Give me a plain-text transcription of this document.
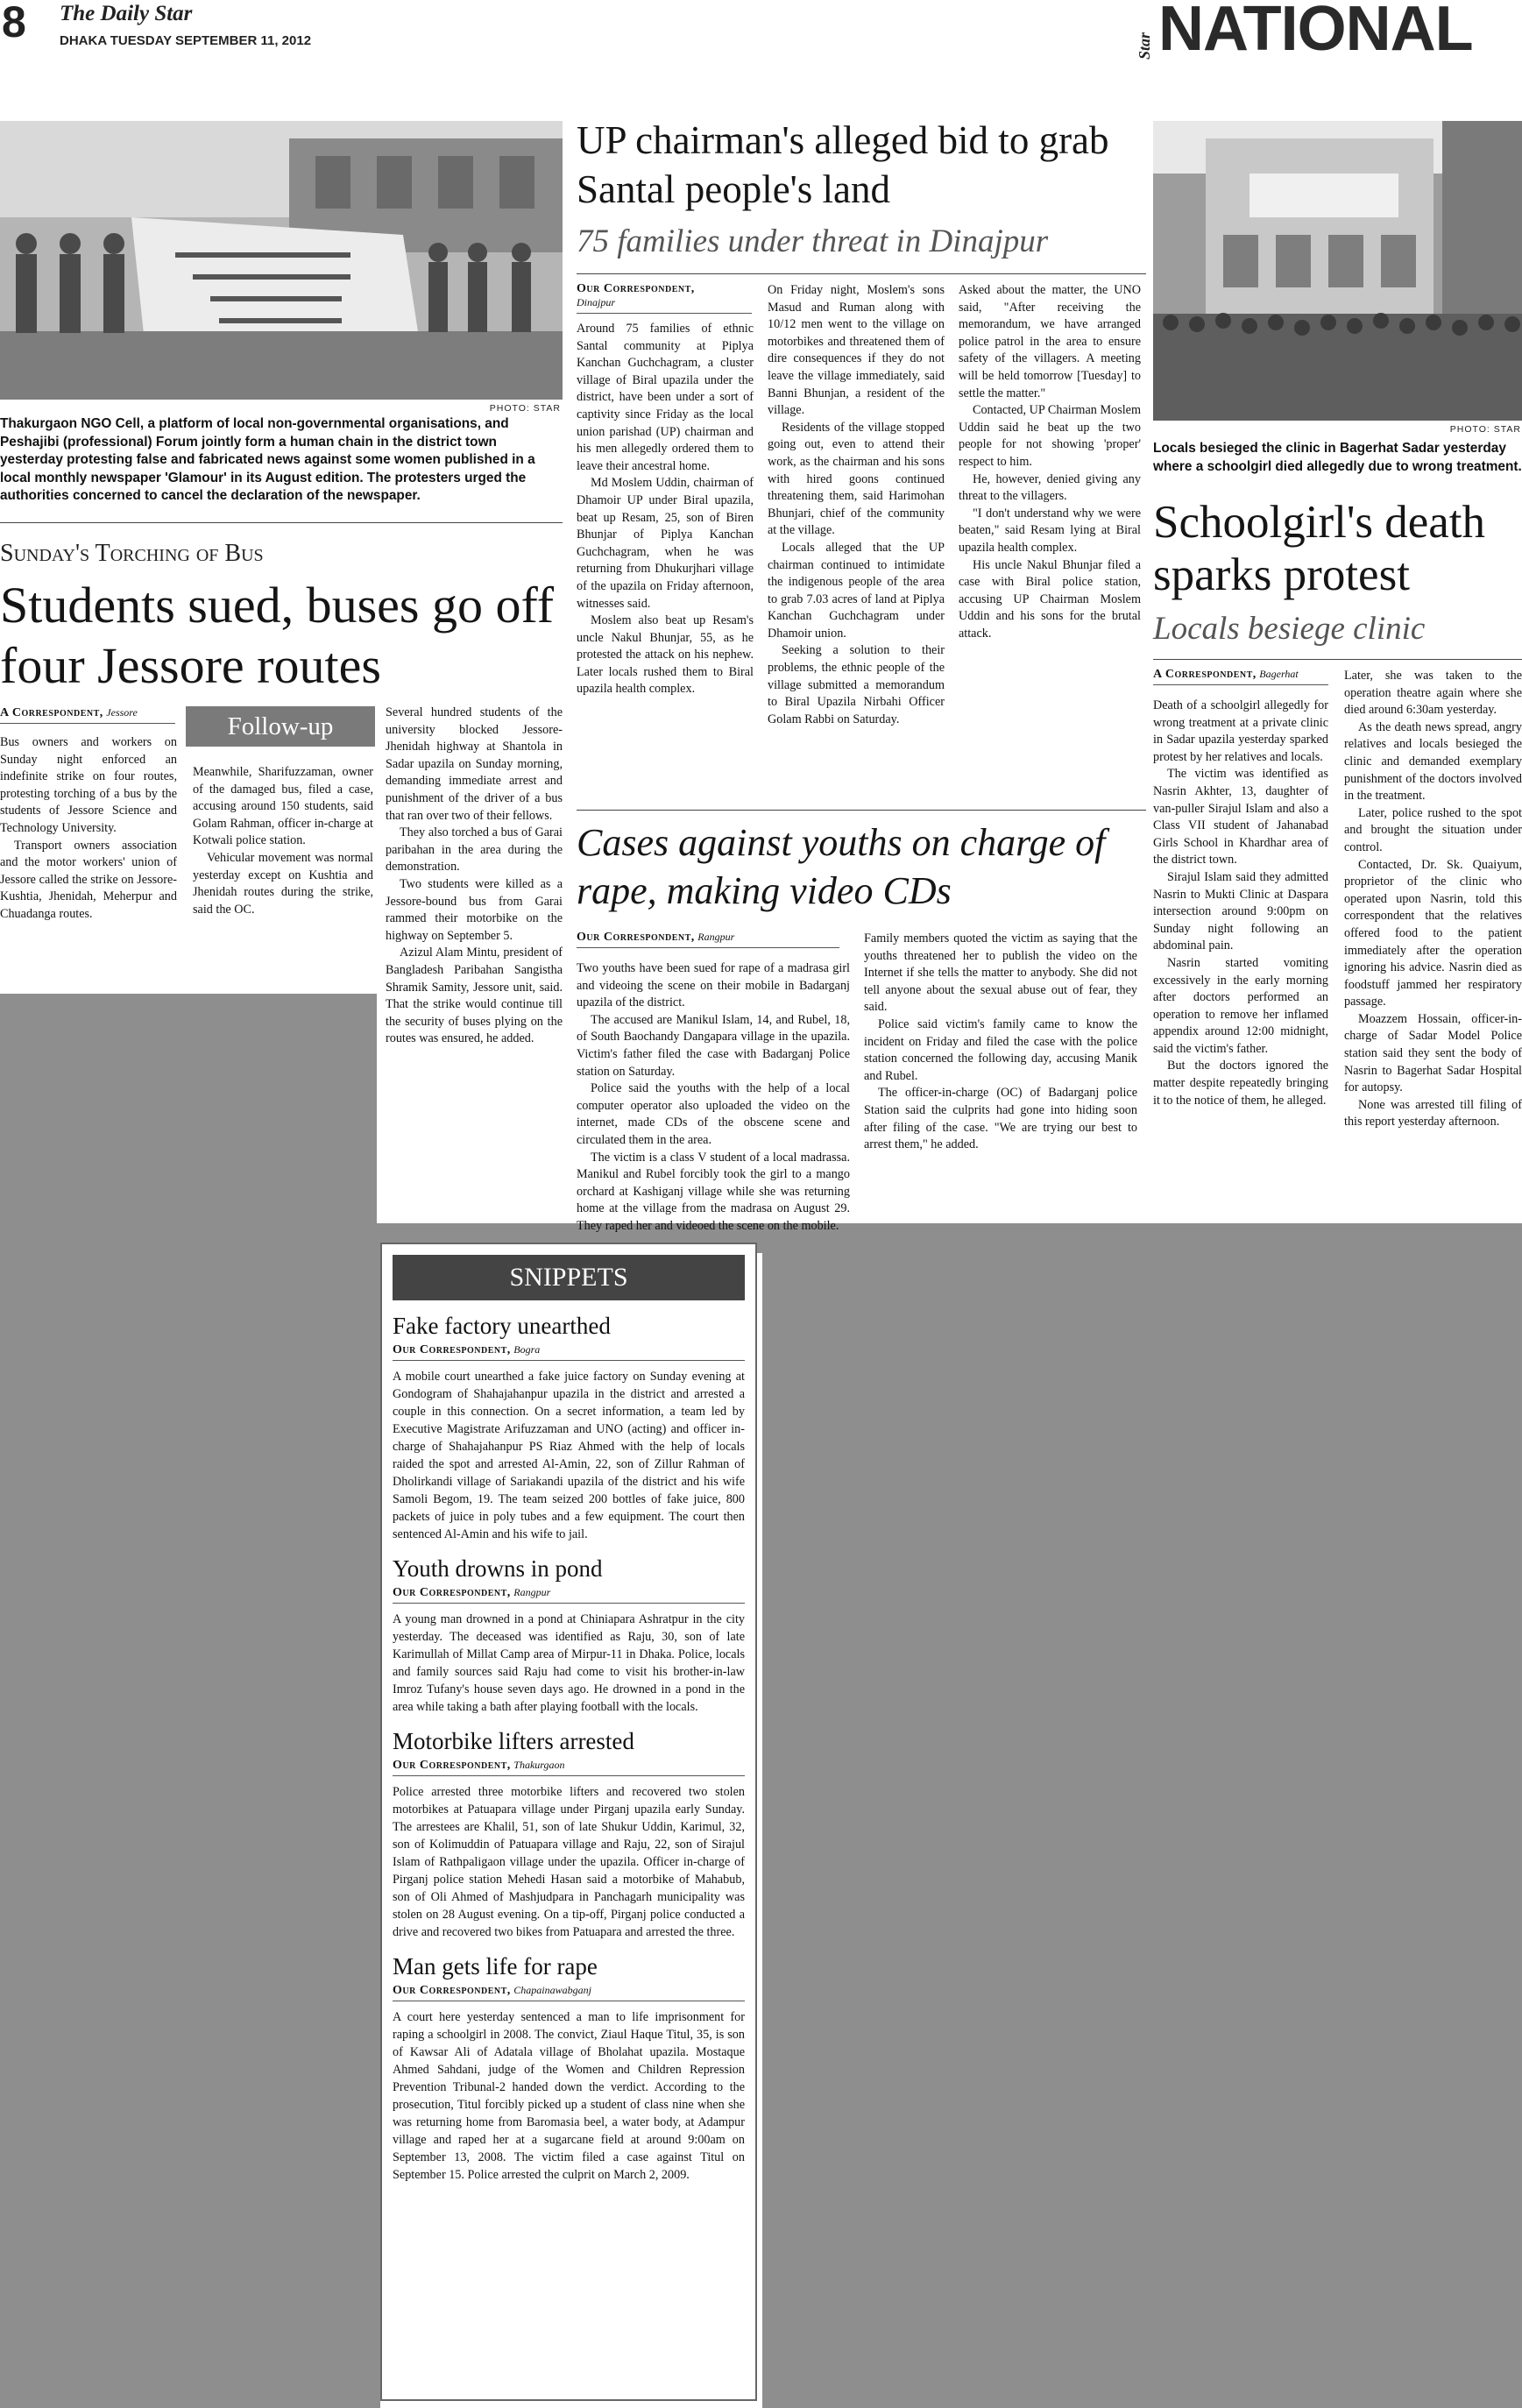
8 The Daily Star
DHAKA TUESDAY SEPTEMBER 11, 2012	Star NATIONAL
PHOTO: STAR
Thakurgaon NGO Cell, a platform of local non-governmental organisations, and Peshajibi (professional) Forum jointly form a human chain in the district town yesterday protesting false and fabricated news against some women published in a local monthly newspaper 'Glamour' in its August edition. The protesters urged the authorities concerned to cancel the declaration of the newspaper.
Sunday's Torching of Bus
Students sued, buses go off four Jessore routes
A Correspondent, Jessore	Follow-up

Bus owners and workers on Sunday night enforced an indefinite strike on four routes, protesting torching of a bus by the students of Jessore Science and Technology University.

Transport owners association and the motor workers' union of Jessore called the strike on Jessore-Kushtia, Jhenidah, Meherpur and Chuadanga routes.

Meanwhile, Sharifuzzaman, owner of the damaged bus, filed a case, accusing around 150 students, said Golam Rahman, officer in-charge at Kotwali police station.

Vehicular movement was normal yesterday except on Kushtia and Jhenidah routes during the strike, said the OC.

Several hundred students of the university blocked Jessore-Jhenidah highway at Shantola in Sadar upazila on Sunday morning, demanding immediate arrest and punishment of the driver of a bus that ran over two of their fellows.

They also torched a bus of Garai paribahan in the area during the demonstration.

Two students were killed as a Jessore-bound bus from Garai rammed their motorbike on the highway on September 5.

Azizul Alam Mintu, president of Bangladesh Paribahan Sangistha Shramik Samity, Jessore unit, said. That the strike would continue till the security of buses plying on the routes was ensured, he added.

UP chairman's alleged bid to grab Santal people's land
75 families under threat in Dinajpur
Our Correspondent,
Dinajpur

Around 75 families of ethnic Santal community at Piplya Kanchan Guchchagram, a cluster village of Biral upazila under the district, have been under a sort of captivity since Friday as the local union parishad (UP) chairman and his men allegedly ordered them to leave their ancestral home.

Md Moslem Uddin, chairman of Dhamoir UP under Biral upazila, beat up Resam, 25, son of Biren Bhunjar of Piplya Kanchan Guchchagram, when he was returning from Dhukurjhari village of the upazila on Friday afternoon, witnesses said.

Moslem also beat up Resam's uncle Nakul Bhunjar, 55, as he protested the attack on his nephew. Later locals rushed them to Biral upazila health complex.

On Friday night, Moslem's sons Masud and Ruman along with 10/12 men went to the village on motorbikes and threatened them of dire consequences if they do not leave the village immediately, said Banni Bhunjan, a resident of the village.

Residents of the village stopped going out, even to attend their work, as the chairman and his sons with hired goons continued threatening them, said Harimohan Bhunjari, chief of the community at the village.

Locals alleged that the UP chairman continued to intimidate the indigenous people of the area to grab 7.03 acres of land at Piplya Kanchan Guchchagram under Dhamoir union.

Seeking a solution to their problems, the ethnic people of the village submitted a memorandum to Biral Upazila Nirbahi Officer Golam Rabbi on Saturday.

Asked about the matter, the UNO said, "After receiving the memorandum, we have arranged police patrol in the area to ensure safety of the villagers. A meeting will be held tomorrow [Tuesday] to settle the matter."

Contacted, UP Chairman Moslem Uddin said he beat up the two people for not showing 'proper' respect to him.

He, however, denied giving any threat to the villagers.

"I don't understand why we were beaten," said Resam lying at Biral upazila health complex.

His uncle Nakul Bhunjar filed a case with Biral police station, accusing UP Chairman Moslem Uddin and his sons for the brutal attack.

Cases against youths on charge of rape, making video CDs
Our Correspondent, Rangpur

Two youths have been sued for rape of a madrasa girl and videoing the scene on their mobile in Badarganj upazila of the district.

The accused are Manikul Islam, 14, and Rubel, 18, of South Baochandy Dangapara village in the upazila. Victim's father filed the case with Badarganj Police station on Saturday.

Police said the youths with the help of a local computer operator also uploaded the video on the internet, made CDs of the obscene scene and circulated them in the area.

The victim is a class V student of a local madrassa. Manikul and Rubel forcibly took the girl to a mango orchard at Kashiganj village while she was returning home at the village from the madrasa on August 29. They raped her and videoed the scene on the mobile.

Family members quoted the victim as saying that the youths threatened her to publish the video on the Internet if she tells the matter to anybody. She did not tell anyone about the sexual abuse out of fear, they said.

Police said victim's family came to know the incident on Friday and filed the case with the police station concerned the following day, accusing Manik and Rubel.

The officer-in-charge (OC) of Badarganj police Station said the culprits had gone into hiding soon after filing of the case. "We are trying our best to arrest them," he added.

PHOTO: STAR
Locals besieged the clinic in Bagerhat Sadar yesterday where a schoolgirl died allegedly due to wrong treatment.
Schoolgirl's death sparks protest
Locals besiege clinic
A Correspondent, Bagerhat

Death of a schoolgirl allegedly for wrong treatment at a private clinic in Sadar upazila yesterday sparked protest by her relatives and locals.

The victim was identified as Nasrin Akhter, 13, daughter of van-puller Sirajul Islam and also a Class VII student of Jahanabad Girls School in Khardhar area of the district town.

Sirajul Islam said they admitted Nasrin to Mukti Clinic at Daspara intersection around 9:00pm on Sunday night following an abdominal pain.

Nasrin started vomiting excessively in the early morning after doctors performed an operation to remove her inflamed appendix around 12:00 midnight, said the victim's father.

But the doctors ignored the matter despite repeatedly bringing it to the notice of them, he alleged.

Later, she was taken to the operation theatre again where she died around 6:30am yesterday.

As the death news spread, angry relatives and locals besieged the clinic and demanded exemplary punishment of the doctors involved in the treatment.

Later, police rushed to the spot and brought the situation under control.

Contacted, Dr. Sk. Quaiyum, proprietor of the clinic who operated upon Nasrin, told this correspondent that the relatives offered food to the patient immediately after the operation ignoring his advice. Nasrin died as foodstuff jammed her respiratory passage.

Moazzem Hossain, officer-in-charge of Sadar Model Police station said they sent the body of Nasrin to Bagerhat Sadar Hospital for autopsy.

None was arrested till filing of this report yesterday afternoon.

SNIPPETS
Fake factory unearthed
Our Correspondent, Bogra
A mobile court unearthed a fake juice factory on Sunday evening at Gondogram of Shahajahanpur upazila in the district and arrested a couple in this connection. On a secret information, a team led by Executive Magistrate Arifuzzaman and UNO (acting) and officer in-charge of Shahajahanpur PS Riaz Ahmed with the help of locals raided the spot and arrested Al-Amin, 22, son of Zillur Rahman of Dholirkandi village of Sariakandi upazila of the district and his wife Samoli Begom, 19. The team seized 200 bottles of fake juice, 800 packets of juice in poly tubes and a few equipment. The court then sentenced Al-Amin and his wife to jail.
Youth drowns in pond
Our Correspondent, Rangpur
A young man drowned in a pond at Chiniapara Ashratpur in the city yesterday. The deceased was identified as Raju, 30, son of late Karimullah of Millat Camp area of Mirpur-11 in Dhaka. Police, locals and family sources said Raju had come to visit his brother-in-law Imroz Tufany's house seven days ago. He drowned in a pond in the area while taking a bath after playing football with the locals.
Motorbike lifters arrested
Our Correspondent, Thakurgaon
Police arrested three motorbike lifters and recovered two stolen motorbikes at Patuapara village under Pirganj upazila early Sunday. The arrestees are Khalil, 51, son of late Shukur Uddin, Karimul, 32, son of Kolimuddin of Patuapara village and Raju, 22, son of Sirajul Islam of Rathpaligaon village under the upazila. Officer in-charge of Pirganj police station Mehedi Hasan said a motorbike of Mahabub, son of Oli Ahmed of Mashjudpara in Panchagarh municipality was stolen on 28 August evening. On a tip-off, Pirganj police conducted a drive and recovered two bikes from Patuapara and arrested the three.
Man gets life for rape
Our Correspondent, Chapainawabganj
A court here yesterday sentenced a man to life imprisonment for raping a schoolgirl in 2008. The convict, Ziaul Haque Titul, 35, is son of Kawsar Ali of Adatala village of Bholahat upazila. Mostaque Ahmed Sahdani, judge of the Women and Children Repression Prevention Tribunal-2 handed down the verdict. According to the prosecution, Titul forcibly picked up a student of class nine when she was returning home from Baromasia beel, a water body, at Adampur village and raped her at a sugarcane field at around 9:00am on September 13, 2008. The victim filed a case against Titul on September 15. Police arrested the culprit on March 2, 2009.
